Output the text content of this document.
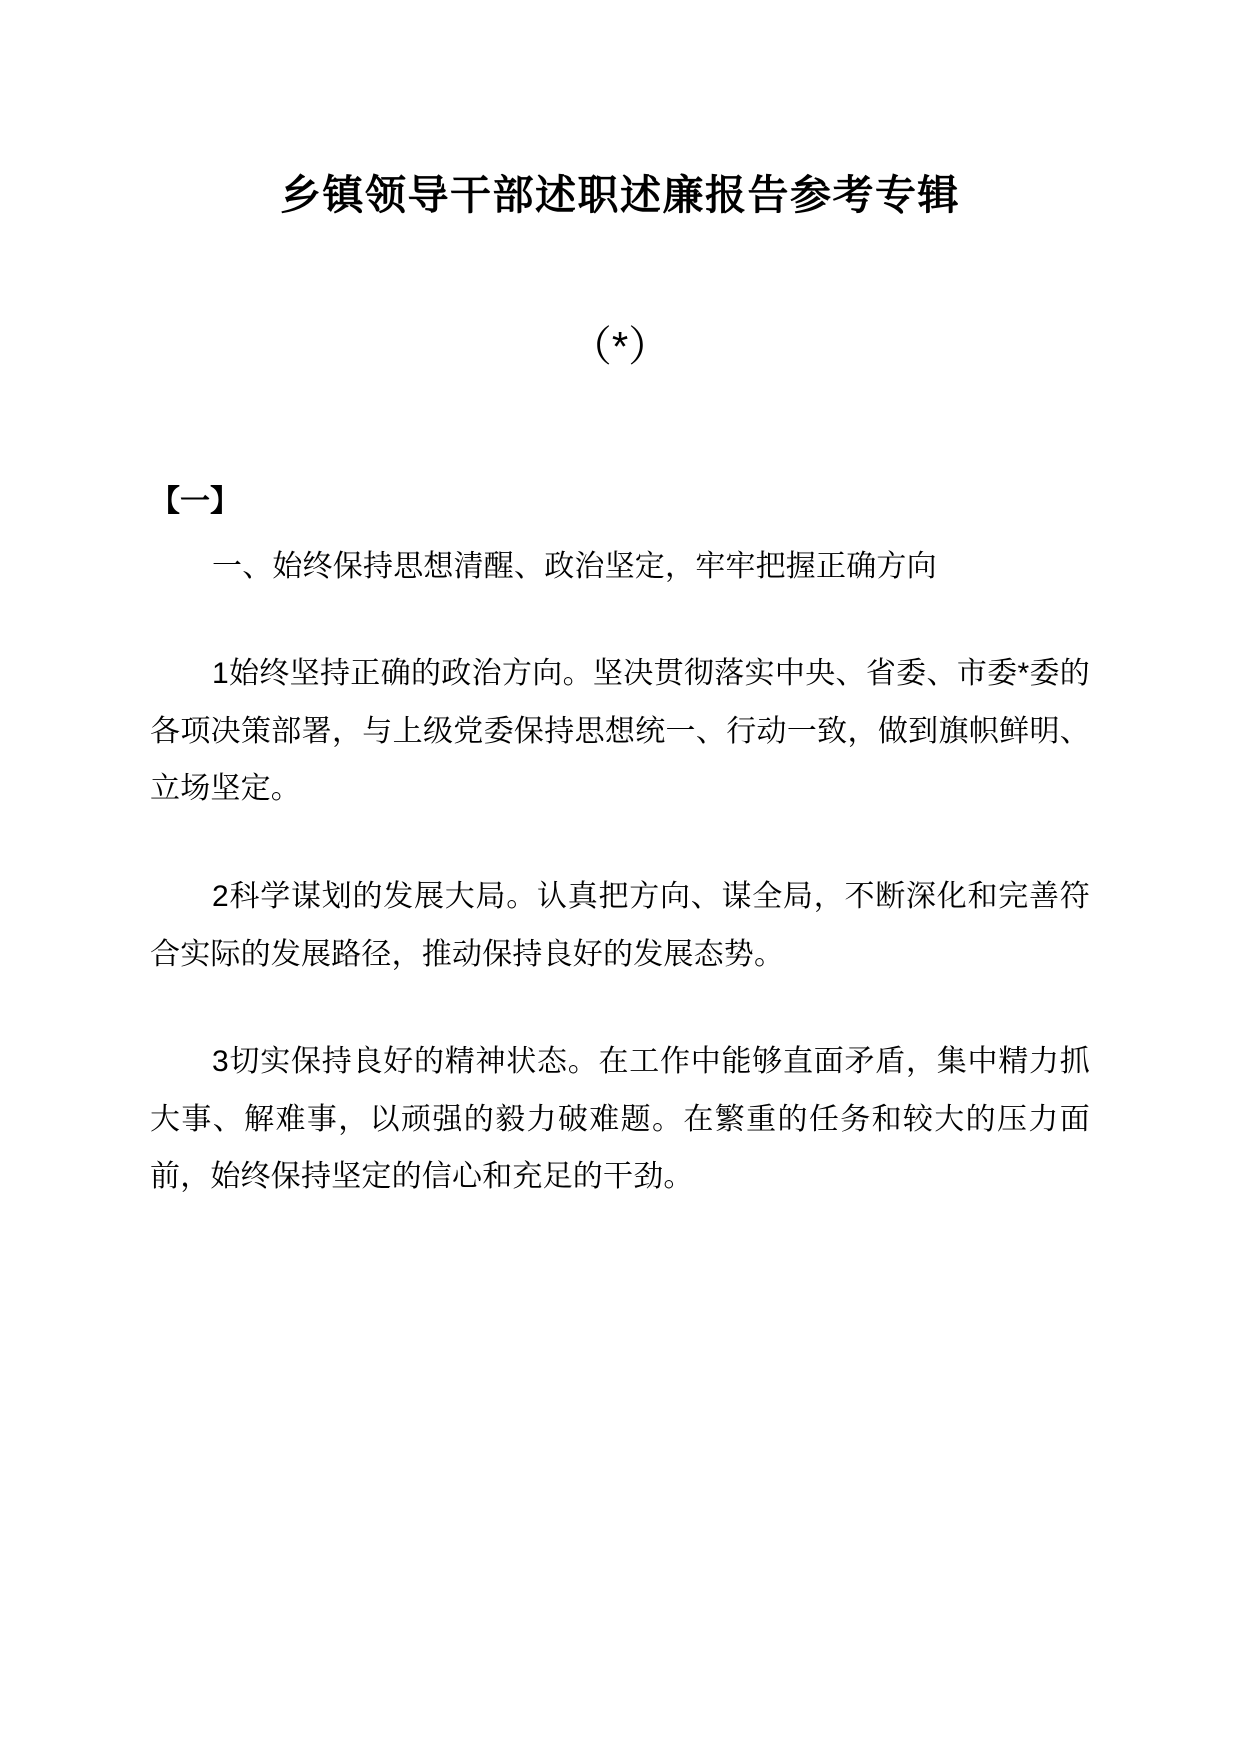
乡镇领导干部述职述廉报告参考专辑
（*）
【一】
一、始终保持思想清醒、政治坚定，牢牢把握正确方向

1始终坚持正确的政治方向。坚决贯彻落实中央、省委、市委*委的各项决策部署，与上级党委保持思想统一、行动一致，做到旗帜鲜明、立场坚定。

2科学谋划的发展大局。认真把方向、谋全局，不断深化和完善符合实际的发展路径，推动保持良好的发展态势。

3切实保持良好的精神状态。在工作中能够直面矛盾，集中精力抓大事、解难事，以顽强的毅力破难题。在繁重的任务和较大的压力面前，始终保持坚定的信心和充足的干劲。
